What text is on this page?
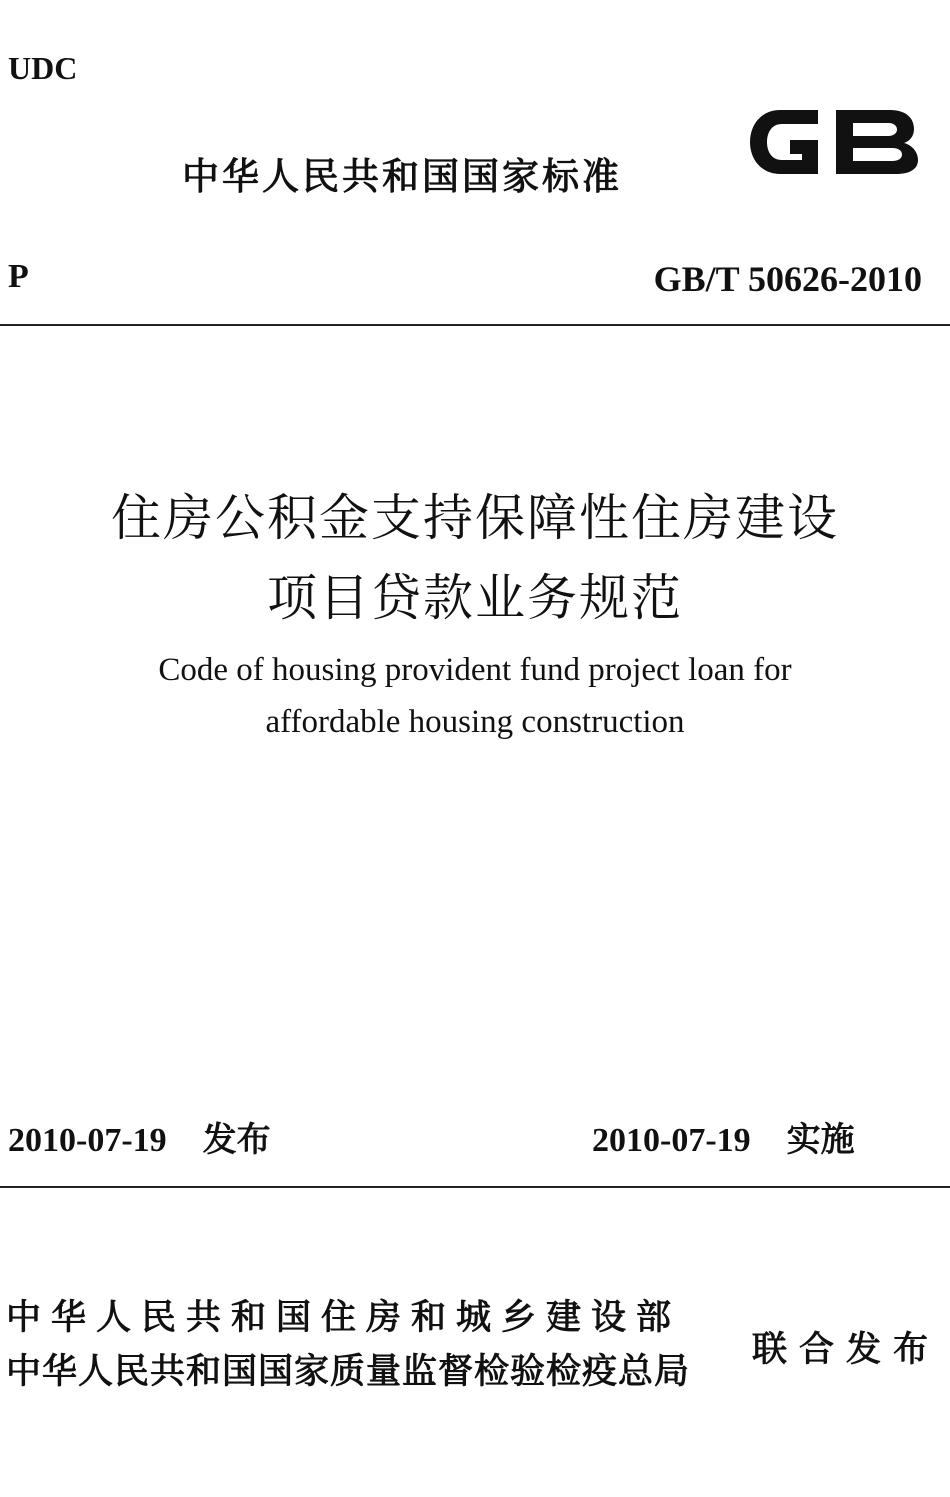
UDC
中华人民共和国国家标准
P	GB/T 50626-2010
住房公积金支持保障性住房建设
项目贷款业务规范
Code of housing provident fund project loan for
affordable housing construction
2010-07-19 发布	2010-07-19 实施
中华人民共和国住房和城乡建设部
中华人民共和国国家质量监督检验检疫总局
联合发布
